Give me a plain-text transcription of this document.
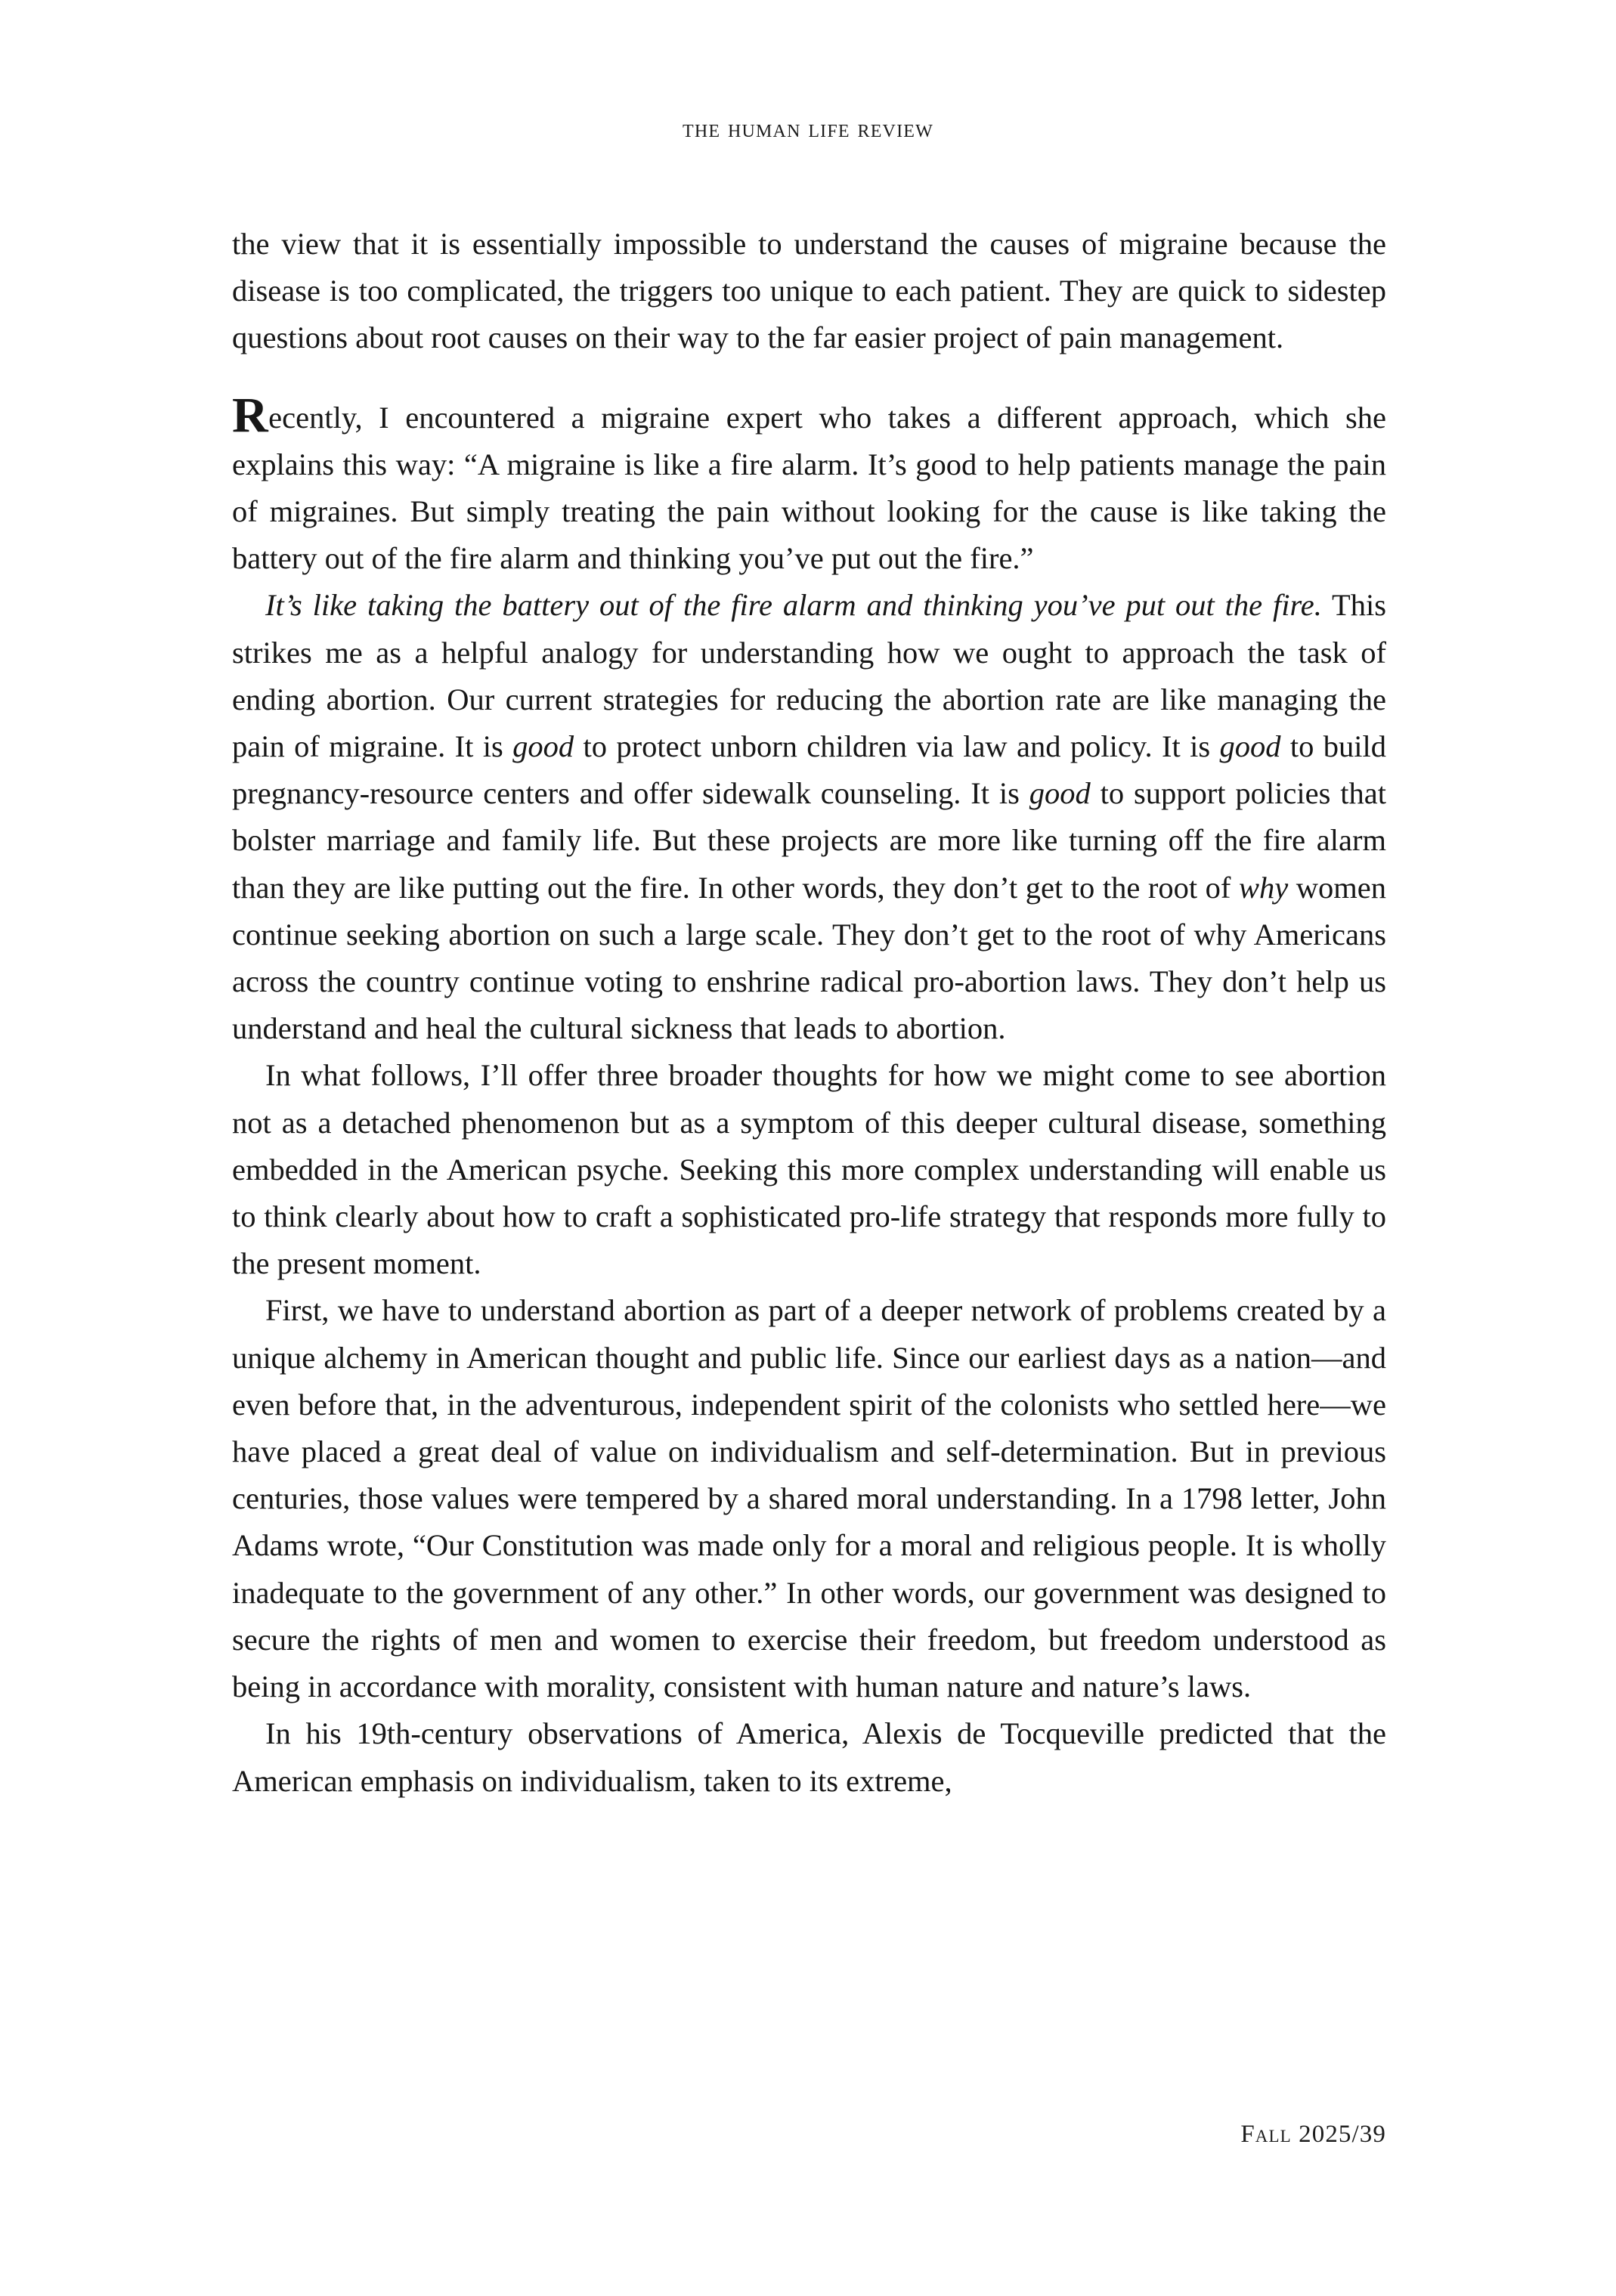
the human life review

the view that it is essentially impossible to understand the causes of migraine because the disease is too complicated, the triggers too unique to each patient. They are quick to sidestep questions about root causes on their way to the far easier project of pain management.

Recently, I encountered a migraine expert who takes a different approach, which she explains this way: “A migraine is like a fire alarm. It’s good to help patients manage the pain of migraines. But simply treating the pain without looking for the cause is like taking the battery out of the fire alarm and thinking you’ve put out the fire.”

It’s like taking the battery out of the fire alarm and thinking you’ve put out the fire. This strikes me as a helpful analogy for understanding how we ought to approach the task of ending abortion. Our current strategies for reducing the abortion rate are like managing the pain of migraine. It is good to protect unborn children via law and policy. It is good to build pregnancy-resource centers and offer sidewalk counseling. It is good to support policies that bolster marriage and family life. But these projects are more like turning off the fire alarm than they are like putting out the fire. In other words, they don’t get to the root of why women continue seeking abortion on such a large scale. They don’t get to the root of why Americans across the country continue voting to enshrine radical pro-abortion laws. They don’t help us understand and heal the cultural sickness that leads to abortion.

In what follows, I’ll offer three broader thoughts for how we might come to see abortion not as a detached phenomenon but as a symptom of this deeper cultural disease, something embedded in the American psyche. Seeking this more complex understanding will enable us to think clearly about how to craft a sophisticated pro-life strategy that responds more fully to the present moment.

First, we have to understand abortion as part of a deeper network of problems created by a unique alchemy in American thought and public life. Since our earliest days as a nation—and even before that, in the adventurous, independent spirit of the colonists who settled here—we have placed a great deal of value on individualism and self-determination. But in previous centuries, those values were tempered by a shared moral understanding. In a 1798 letter, John Adams wrote, “Our Constitution was made only for a moral and religious people. It is wholly inadequate to the government of any other.” In other words, our government was designed to secure the rights of men and women to exercise their freedom, but freedom understood as being in accordance with morality, consistent with human nature and nature’s laws.

In his 19th-century observations of America, Alexis de Tocqueville predicted that the American emphasis on individualism, taken to its extreme,

Fall 2025/39
